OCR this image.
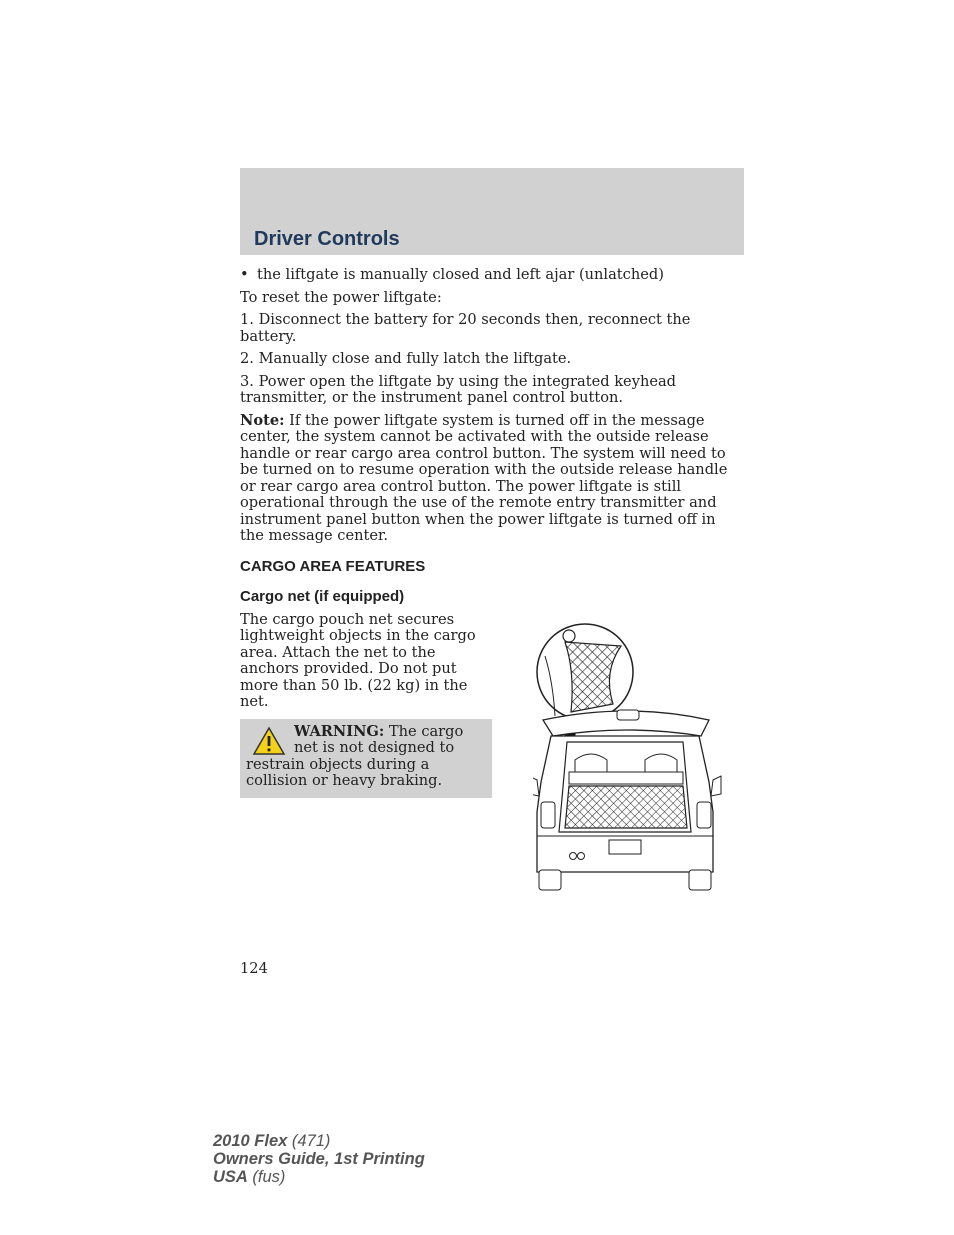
Driver Controls
• the liftgate is manually closed and left ajar (unlatched)

To reset the power liftgate:

1. Disconnect the battery for 20 seconds then, reconnect the battery.

2. Manually close and fully latch the liftgate.

3. Power open the liftgate by using the integrated keyhead transmitter, or the instrument panel control button.

Note: If the power liftgate system is turned off in the message center, the system cannot be activated with the outside release handle or rear cargo area control button. The system will need to be turned on to resume operation with the outside release handle or rear cargo area control button. The power liftgate is still operational through the use of the remote entry transmitter and instrument panel button when the power liftgate is turned off in the message center.

CARGO AREA FEATURES
Cargo net (if equipped)

The cargo pouch net secures lightweight objects in the cargo area. Attach the net to the anchors provided. Do not put more than 50 lb. (22 kg) in the net.

WARNING: The cargo net is not designed to restrain objects during a collision or heavy braking.
124
2010 Flex (471)
Owners Guide, 1st Printing
USA (fus)
